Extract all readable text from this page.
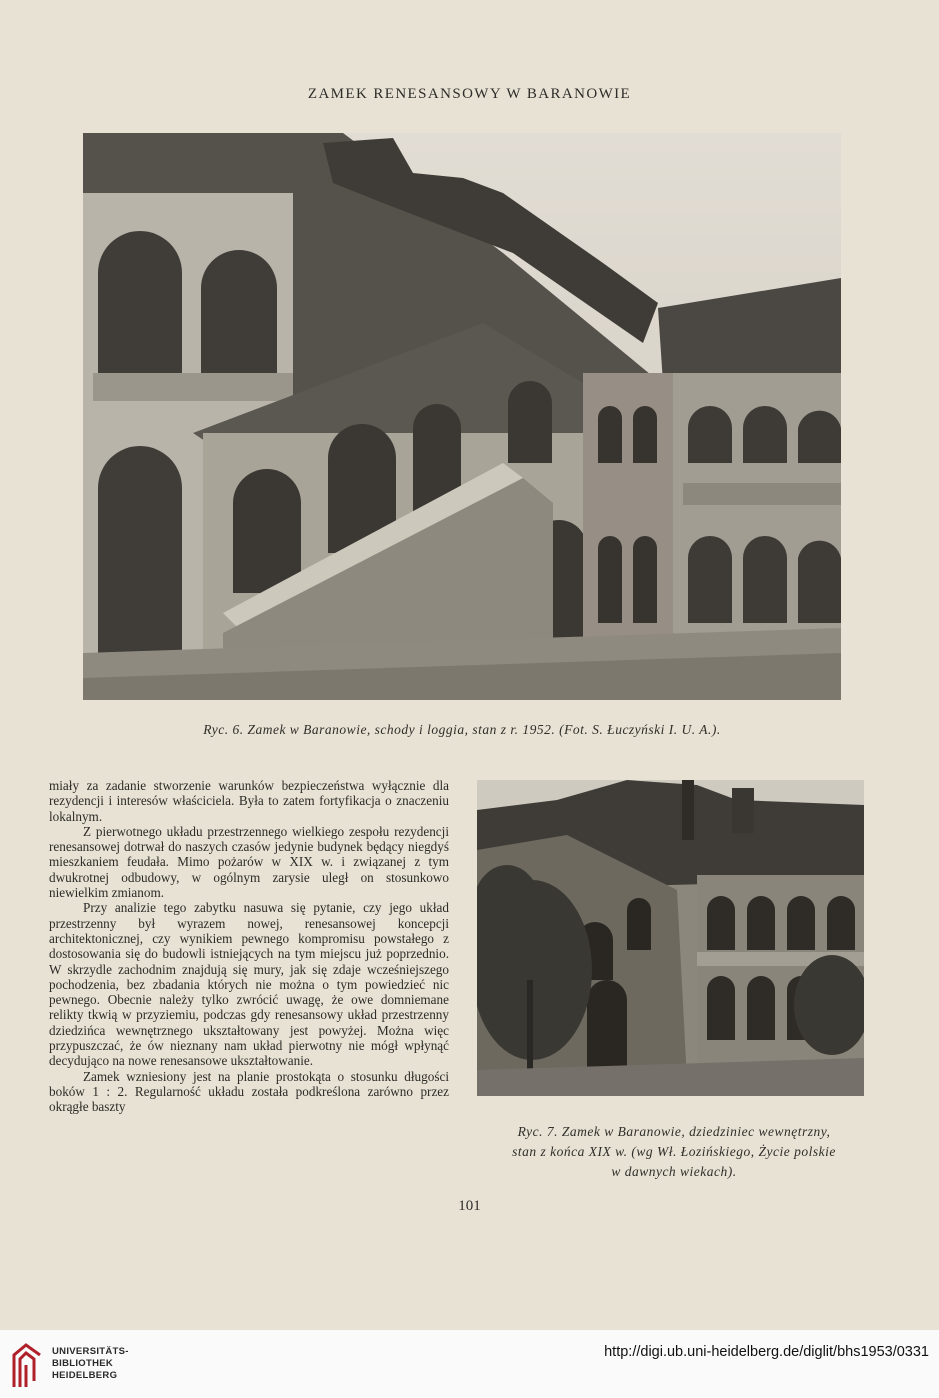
ZAMEK RENESANSOWY W BARANOWIE
Ryc. 6. Zamek w Baranowie, schody i loggia, stan z r. 1952. (Fot. S. Łuczyński I. U. A.).

miały za zadanie stworzenie warunków bezpieczeństwa wyłącznie dla rezydencji i interesów właściciela. Była to zatem fortyfikacja o znaczeniu lokalnym.

Z pierwotnego układu przestrzennego wielkiego zespołu rezydencji renesansowej dotrwał do naszych czasów jedynie budynek będący niegdyś mieszkaniem feudała. Mimo pożarów w XIX w. i związanej z tym dwukrotnej odbudowy, w ogólnym zarysie uległ on stosunkowo niewielkim zmianom.

Przy analizie tego zabytku nasuwa się pytanie, czy jego układ przestrzenny był wyrazem nowej, renesansowej koncepcji architektonicznej, czy wynikiem pewnego kompromisu powstałego z dostosowania się do budowli istniejących na tym miejscu już poprzednio. W skrzydle zachodnim znajdują się mury, jak się zdaje wcześniejszego pochodzenia, bez zbadania których nie można o tym powiedzieć nic pewnego. Obecnie należy tylko zwrócić uwagę, że owe domniemane relikty tkwią w przyziemiu, podczas gdy renesansowy układ przestrzenny dziedzińca wewnętrznego ukształtowany jest powyżej. Można więc przypuszczać, że ów nieznany nam układ pierwotny nie mógł wpłynąć decydująco na nowe renesansowe ukształtowanie.

Zamek wzniesiony jest na planie prostokąta o stosunku długości boków 1 : 2. Regularność układu została podkreślona zarówno przez okrągłe baszty

Ryc. 7. Zamek w Baranowie, dziedziniec wewnętrzny,
stan z końca XIX w. (wg Wł. Łozińskiego, Życie polskie
w dawnych wiekach).
101
UNIVERSITÄTS-
BIBLIOTHEK
HEIDELBERG
http://digi.ub.uni-heidelberg.de/diglit/bhs1953/0331
